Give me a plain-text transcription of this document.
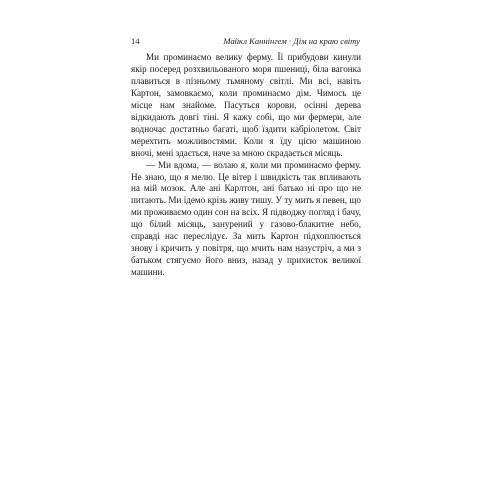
14	Майкл Каннінгем · Дім на краю світу

Ми проминаємо велику ферму. Її прибудови кинули якір посеред розхвильованого моря пшениці, біла вагонка плавиться в пізньому тьмяному світлі. Ми всі, навіть Картон, замовкаємо, коли проминаємо дім. Чимось це місце нам знайоме. Пасуться корови, осінні дерева відкидають довгі тіні. Я кажу собі, що ми фермери, але водночас достатньо багаті, щоб їздити кабріолетом. Світ мерехтить можливостями. Коли я їду цією машиною вночі, мені здається, наче за мною скрадається місяць.

— Ми вдома, — волаю я, коли ми проминаємо ферму. Не знаю, що я мелю. Це вітер і швидкість так впливають на мій мозок. Але ані Карлтон, ані батько ні про що не питають. Ми їдемо крізь живу тишу. У ту мить я певен, що ми проживаємо один сон на всіх. Я підводжу погляд і бачу, що білий місяць, занурений у газово-блакитне небо, справді нас переслідує. За мить Картон підхоплюється знову і кричить у повітря, що мчить нам назустріч, а ми з батьком стягуємо його вниз, назад у прихисток великої машини.
